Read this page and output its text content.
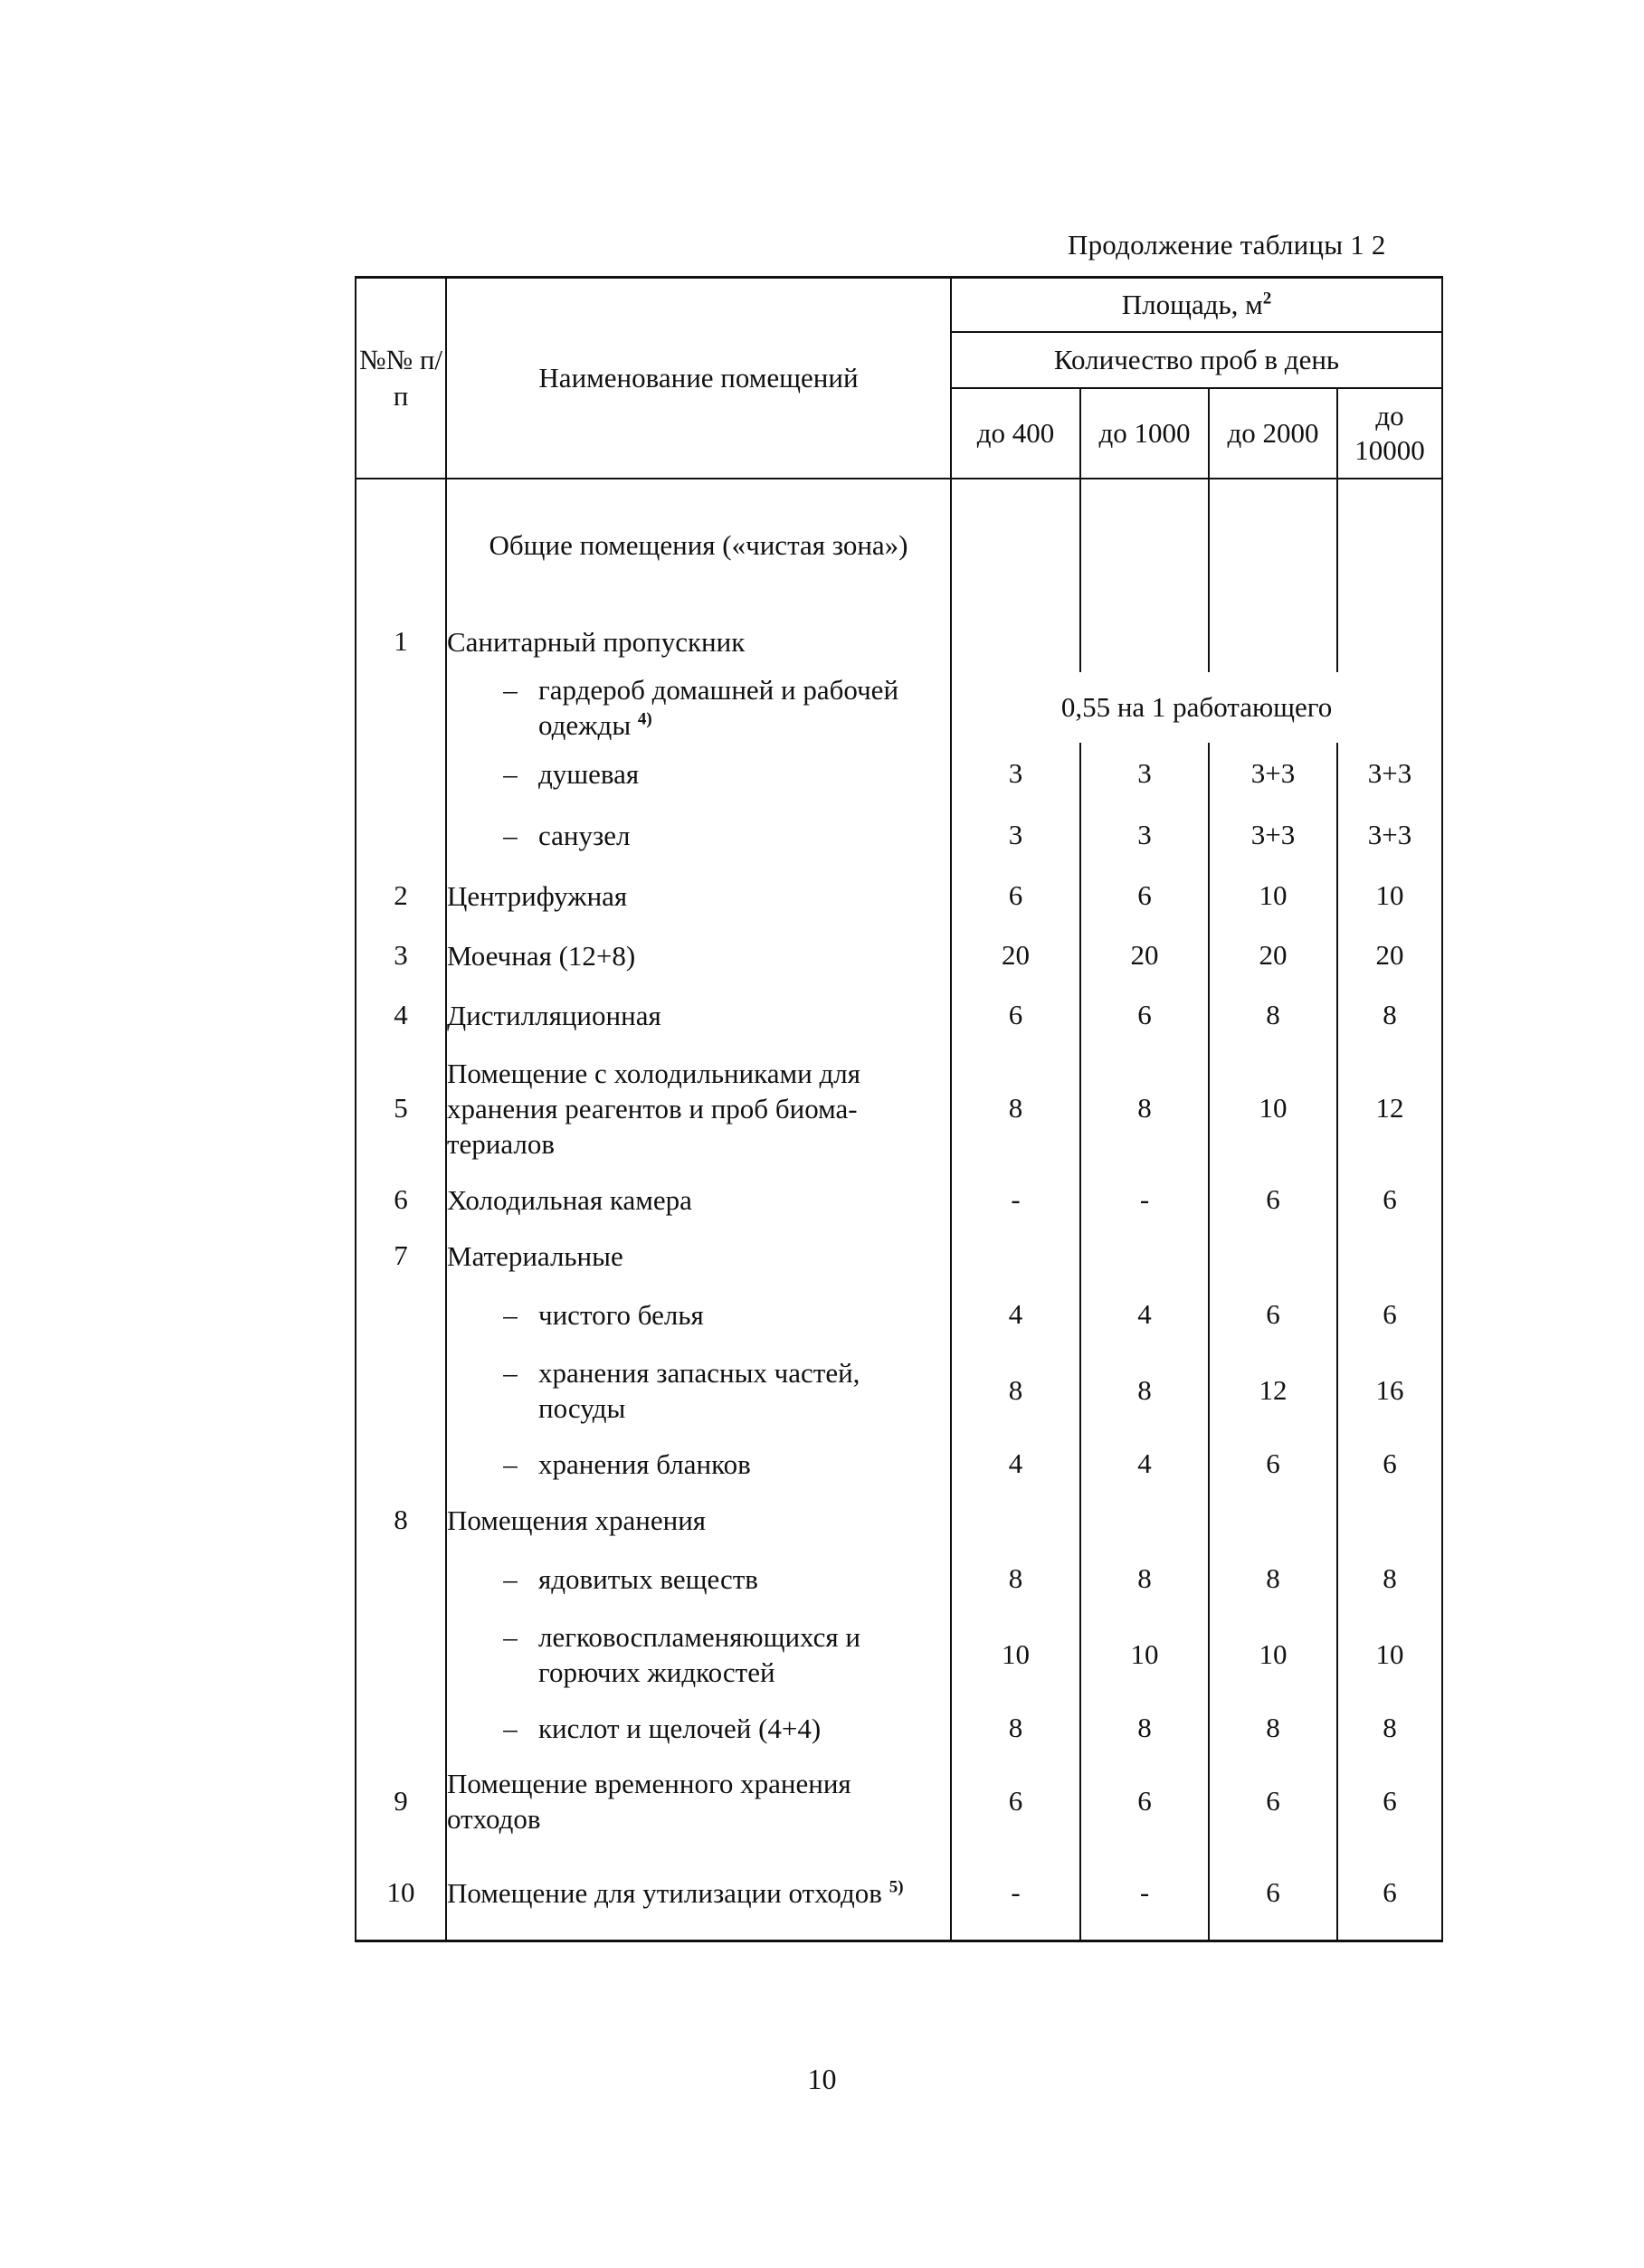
Продолжение таблицы 1 2
№№ п/п	Наименование помещений	Площадь, $м^2$
		Количество проб в день			
		до 400	до 1000	до 2000	до 10000
	Общие помещения («чистая зона»)				
1	Санитарный пропускник				

	– гардероб домашней и рабочей одежды $^{4)}$	0,55 на 1 работающего			

	– душевая	3	3	3+3	3+3

	– санузел	3	3	3+3	3+3
2	Центрифужная	6	6	10	10
3	Моечная (12+8)	20	20	20	20
4	Дистилляционная	6	6	8	8
5	Помещение с холодильниками для хранения реагентов и проб биома-териалов	8	8	10	12
6	Холодильная камера	-	-	6	6
7	Материальные				

	– чистого белья	4	4	6	6

	– хранения запасных частей, посуды	8	8	12	16

	– хранения бланков	4	4	6	6
8	Помещения хранения				

	– ядовитых веществ	8	8	8	8

	– легковоспламеняющихся и горючих жидкостей	10	10	10	10

	– кислот и щелочей (4+4)	8	8	8	8
9	Помещение временного хранения отходов	6	6	6	6
10	Помещение для утилизации отходов $^{5)}$	-	-	6	6
10
